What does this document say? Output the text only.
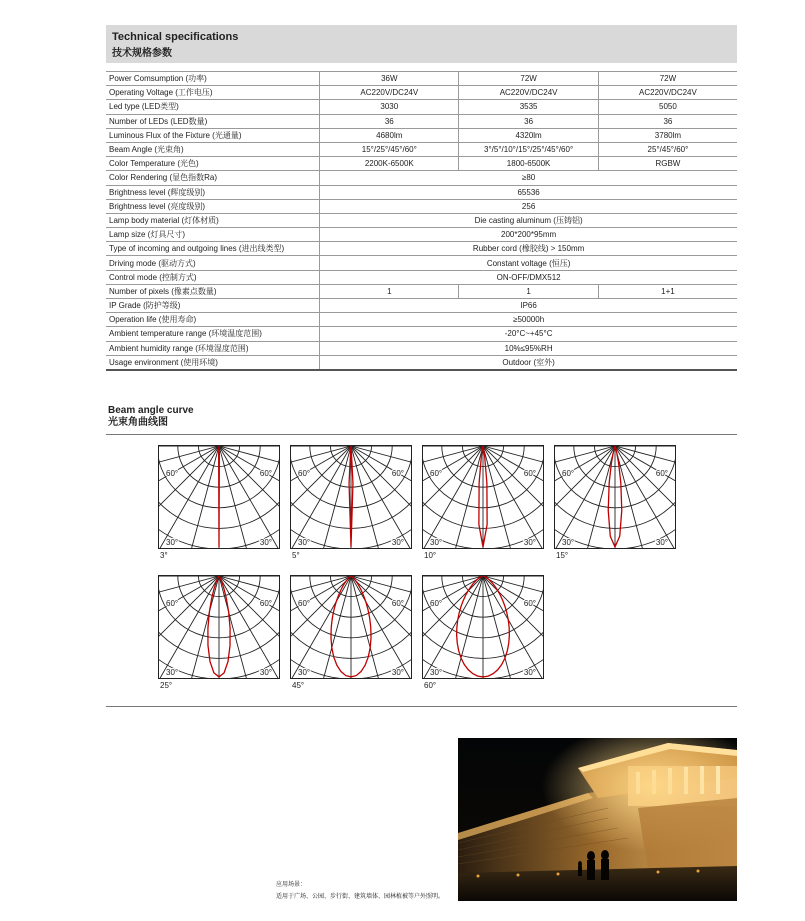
Technical specifications
技术规格参数
Power Comsumption (功率)	36W	72W	72W
Operating Voltage (工作电压)	AC220V/DC24V	AC220V/DC24V	AC220V/DC24V
Led type (LED类型)	3030	3535	5050
Number of LEDs (LED数量)	36	36	36
Luminous Flux of the Fixture (光通量)	4680lm	4320lm	3780lm
Beam Angle (光束角)	15°/25°/45°/60°	3°/5°/10°/15°/25°/45°/60°	25°/45°/60°
Color Temperature (光色)	2200K-6500K	1800-6500K	RGBW
Color Rendering (显色指数Ra)	≥80		
Brightness level (辉度级别)	65536		
Brightness level (亮度级别)	256		
Lamp body material (灯体材质)	Die casting aluminum (压铸铝)		
Lamp size (灯具尺寸)	200*200*95mm		
Type of incoming and outgoing lines (进出线类型)	Rubber cord (橡胶线) > 150mm		
Driving mode (驱动方式)	Constant voltage (恒压)		
Control mode (控制方式)	ON-OFF/DMX512		
Number of pixels (像素点数量)	1	1	1+1
IP Grade (防护等级)	IP66		
Operation life (使用寿命)	≥50000h		
Ambient temperature range (环境温度范围)	-20°C~+45°C		
Ambient humidity range (环境湿度范围)	10%≤95%RH		
Usage environment (使用环境)	Outdoor (室外)		
Beam angle curve
光束角曲线图
60°	60°
30°	30°
3°
60°	60°
30°	30°
5°
60°	60°
30°	30°
10°
60°	60°
30°	30°
15°
60°	60°
30°	30°
25°
60°	60°
30°	30°
45°
60°	60°
30°	30°
60°
应用场景：
适用于广场、公园、步行街、建筑墙体、园林植被等户外照明。
